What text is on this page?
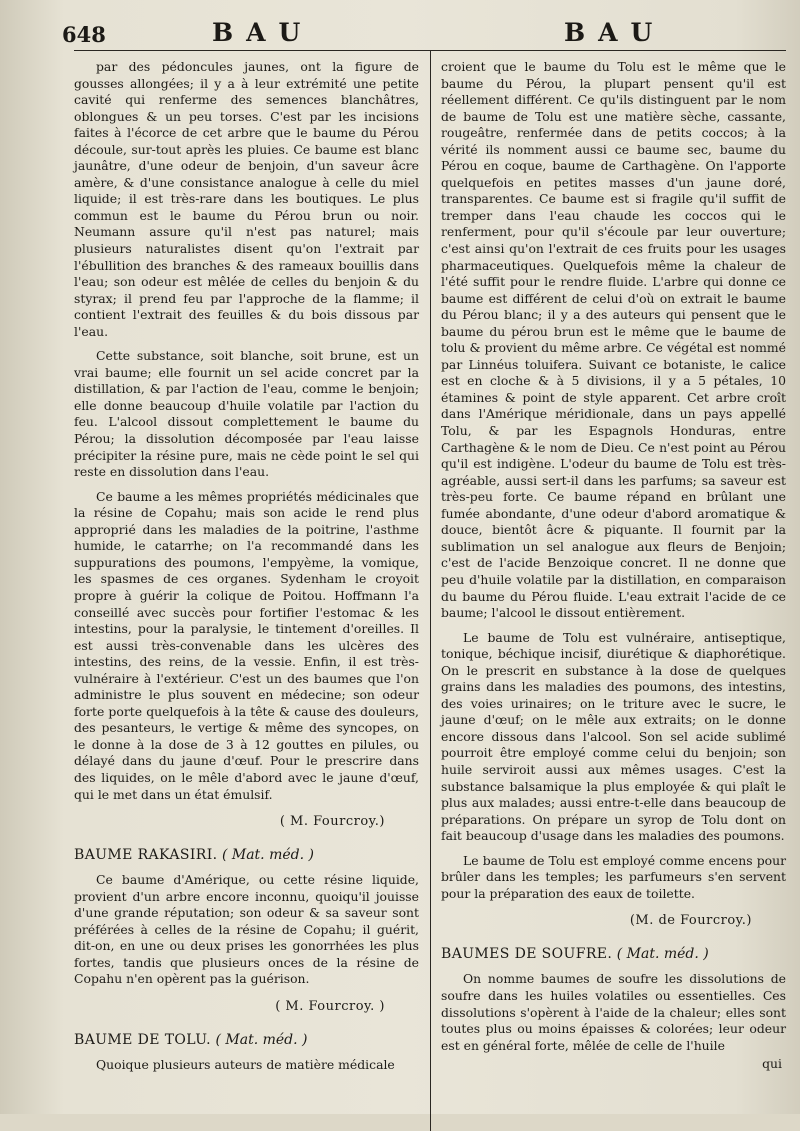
648	BAU	BAU

par des pédoncules jaunes, ont la figure de gousses allongées; il y a à leur extrémité une petite cavité qui renferme des semences blanchâtres, oblongues & un peu torses. C'est par les incisions faites à l'écorce de cet arbre que le baume du Pérou découle, sur-tout après les pluies. Ce baume est blanc jaunâtre, d'une odeur de benjoin, d'un saveur âcre amère, & d'une consistance analogue à celle du miel liquide; il est très-rare dans les boutiques. Le plus commun est le baume du Pérou brun ou noir. Neumann assure qu'il n'est pas naturel; mais plusieurs naturalistes disent qu'on l'extrait par l'ébullition des branches & des rameaux bouillis dans l'eau; son odeur est mêlée de celles du benjoin & du styrax; il prend feu par l'approche de la flamme; il contient l'extrait des feuilles & du bois dissous par l'eau.

Cette substance, soit blanche, soit brune, est un vrai baume; elle fournit un sel acide concret par la distillation, & par l'action de l'eau, comme le benjoin; elle donne beaucoup d'huile volatile par l'action du feu. L'alcool dissout complettement le baume du Pérou; la dissolution décomposée par l'eau laisse précipiter la résine pure, mais ne cède point le sel qui reste en dissolution dans l'eau.

Ce baume a les mêmes propriétés médicinales que la résine de Copahu; mais son acide le rend plus approprié dans les maladies de la poitrine, l'asthme humide, le catarrhe; on l'a recommandé dans les suppurations des poumons, l'empyème, la vomique, les spasmes de ces organes. Sydenham le croyoit propre à guérir la colique de Poitou. Hoffmann l'a conseillé avec succès pour fortifier l'estomac & les intestins, pour la paralysie, le tintement d'oreilles. Il est aussi très-convenable dans les ulcères des intestins, des reins, de la vessie. Enfin, il est très-vulnéraire à l'extérieur. C'est un des baumes que l'on administre le plus souvent en médecine; son odeur forte porte quelquefois à la tête & cause des douleurs, des pesanteurs, le vertige & même des syncopes, on le donne à la dose de 3 à 12 gouttes en pilules, ou délayé dans du jaune d'œuf. Pour le prescrire dans des liquides, on le mêle d'abord avec le jaune d'œuf, qui le met dans un état émulsif.

( M. Fourcroy.)
BAUME RAKASIRI. ( Mat. méd. )

Ce baume d'Amérique, ou cette résine liquide, provient d'un arbre encore inconnu, quoiqu'il jouisse d'une grande réputation; son odeur & sa saveur sont préférées à celles de la résine de Copahu; il guérit, dit-on, en une ou deux prises les gonorrhées les plus fortes, tandis que plusieurs onces de la résine de Copahu n'en opèrent pas la guérison.

( M. Fourcroy. )
BAUME DE TOLU. ( Mat. méd. )

Quoique plusieurs auteurs de matière médicale

croient que le baume du Tolu est le même que le baume du Pérou, la plupart pensent qu'il est réellement différent. Ce qu'ils distinguent par le nom de baume de Tolu est une matière sèche, cassante, rougeâtre, renfermée dans de petits coccos; à la vérité ils nomment aussi ce baume sec, baume du Pérou en coque, baume de Carthagène. On l'apporte quelquefois en petites masses d'un jaune doré, transparentes. Ce baume est si fragile qu'il suffit de tremper dans l'eau chaude les coccos qui le renferment, pour qu'il s'écoule par leur ouverture; c'est ainsi qu'on l'extrait de ces fruits pour les usages pharmaceutiques. Quelquefois même la chaleur de l'été suffit pour le rendre fluide. L'arbre qui donne ce baume est différent de celui d'où on extrait le baume du Pérou blanc; il y a des auteurs qui pensent que le baume du pérou brun est le même que le baume de tolu & provient du même arbre. Ce végétal est nommé par Linnéus toluifera. Suivant ce botaniste, le calice est en cloche & à 5 divisions, il y a 5 pétales, 10 étamines & point de style apparent. Cet arbre croît dans l'Amérique méridionale, dans un pays appellé Tolu, & par les Espagnols Honduras, entre Carthagène & le nom de Dieu. Ce n'est point au Pérou qu'il est indigène. L'odeur du baume de Tolu est très-agréable, aussi sert-il dans les parfums; sa saveur est très-peu forte. Ce baume répand en brûlant une fumée abondante, d'une odeur d'abord aromatique & douce, bientôt âcre & piquante. Il fournit par la sublimation un sel analogue aux fleurs de Benjoin; c'est de l'acide Benzoique concret. Il ne donne que peu d'huile volatile par la distillation, en comparaison du baume du Pérou fluide. L'eau extrait l'acide de ce baume; l'alcool le dissout entièrement.

Le baume de Tolu est vulnéraire, antiseptique, tonique, béchique incisif, diurétique & diaphorétique. On le prescrit en substance à la dose de quelques grains dans les maladies des poumons, des intestins, des voies urinaires; on le triture avec le sucre, le jaune d'œuf; on le mêle aux extraits; on le donne encore dissous dans l'alcool. Son sel acide sublimé pourroit être employé comme celui du benjoin; son huile serviroit aussi aux mêmes usages. C'est la substance balsamique la plus employée & qui plaît le plus aux malades; aussi entre-t-elle dans beaucoup de préparations. On prépare un syrop de Tolu dont on fait beaucoup d'usage dans les maladies des poumons.

Le baume de Tolu est employé comme encens pour brûler dans les temples; les parfumeurs s'en servent pour la préparation des eaux de toilette.

(M. de Fourcroy.)
BAUMES DE SOUFRE. ( Mat. méd. )

On nomme baumes de soufre les dissolutions de soufre dans les huiles volatiles ou essentielles. Ces dissolutions s'opèrent à l'aide de la chaleur; elles sont toutes plus ou moins épaisses & colorées; leur odeur est en général forte, mêlée de celle de l'huile

qui
